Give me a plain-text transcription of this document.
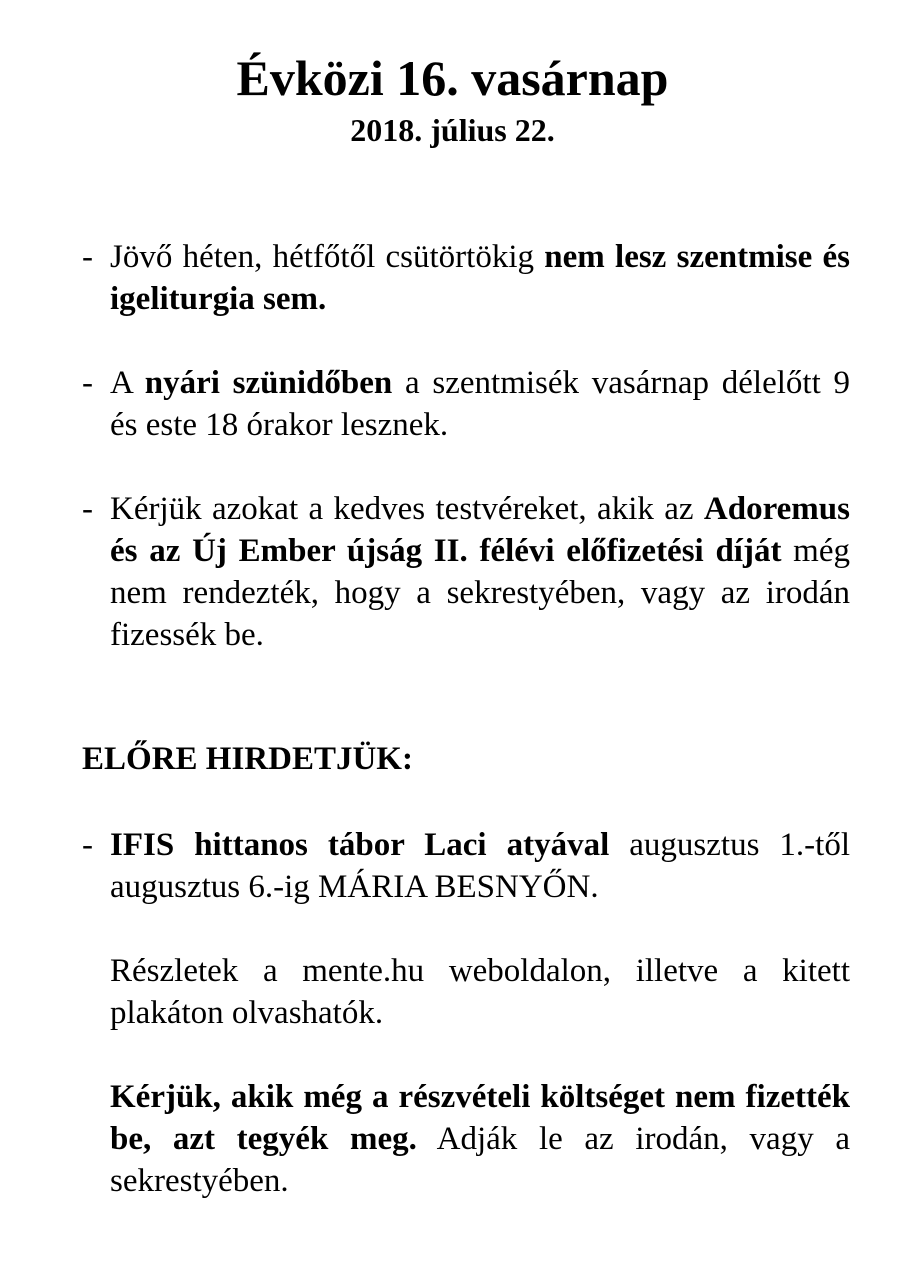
Évközi 16. vasárnap
2018. július 22.
- Jövő héten, hétfőtől csütörtökig nem lesz szentmise és igeliturgia sem.
- A nyári szünidőben a szentmisék vasárnap délelőtt 9 és este 18 órakor lesznek.
- Kérjük azokat a kedves testvéreket, akik az Adoremus és az Új Ember újság II. félévi előfizetési díját még nem rendezték, hogy a sekrestyében, vagy az irodán fizessék be.
ELŐRE HIRDETJÜK:
- IFIS hittanos tábor Laci atyával augusztus 1.-től augusztus 6.-ig MÁRIA BESNYŐN.
Részletek a mente.hu weboldalon, illetve a kitett plakáton olvashatók.
Kérjük, akik még a részvételi költséget nem fizették be, azt tegyék meg. Adják le az irodán, vagy a sekrestyében.
